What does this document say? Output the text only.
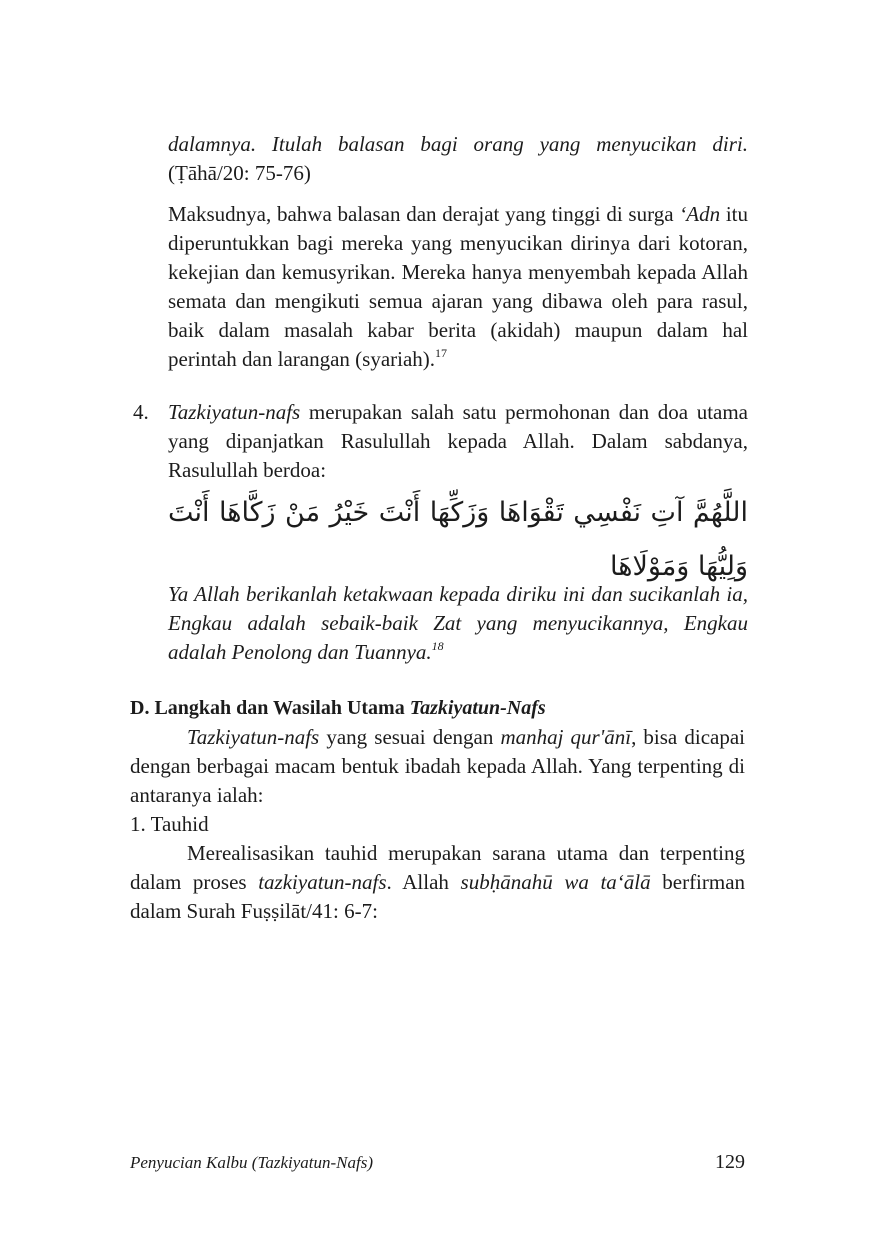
dalamnya. Itulah balasan bagi orang yang menyucikan diri. (Ṭāhā/20: 75-76)
Maksudnya, bahwa balasan dan derajat yang tinggi di surga ‘Adn itu diperuntukkan bagi mereka yang menyucikan dirinya dari kotoran, kekejian dan kemusyrikan. Mereka hanya menyembah kepada Allah semata dan mengikuti semua ajaran yang dibawa oleh para rasul, baik dalam masalah kabar berita (akidah) maupun dalam hal perintah dan larangan (syariah).$^{17}$
4. Tazkiyatun-nafs merupakan salah satu permohonan dan doa utama yang dipanjatkan Rasulullah kepada Allah. Dalam sabdanya, Rasulullah berdoa:
اللَّهُمَّ آتِ نَفْسِي تَقْوَاهَا وَزَكِّهَا أَنْتَ خَيْرُ مَنْ زَكَّاهَا أَنْتَ وَلِيُّهَا وَمَوْلَاهَا
Ya Allah berikanlah ketakwaan kepada diriku ini dan sucikanlah ia, Engkau adalah sebaik-baik Zat yang menyucikannya, Engkau adalah Penolong dan Tuannya.$^{18}$
D. Langkah dan Wasilah Utama Tazkiyatun-Nafs
Tazkiyatun-nafs yang sesuai dengan manhaj qur'ānī, bisa dicapai dengan berbagai macam bentuk ibadah kepada Allah. Yang terpenting di antaranya ialah:
1. Tauhid
Merealisasikan tauhid merupakan sarana utama dan terpenting dalam proses tazkiyatun-nafs. Allah subḥānahū wa ta‘ālā berfirman dalam Surah Fuṣṣilāt/41: 6-7:
Penyucian Kalbu (Tazkiyatun-Nafs)	129
